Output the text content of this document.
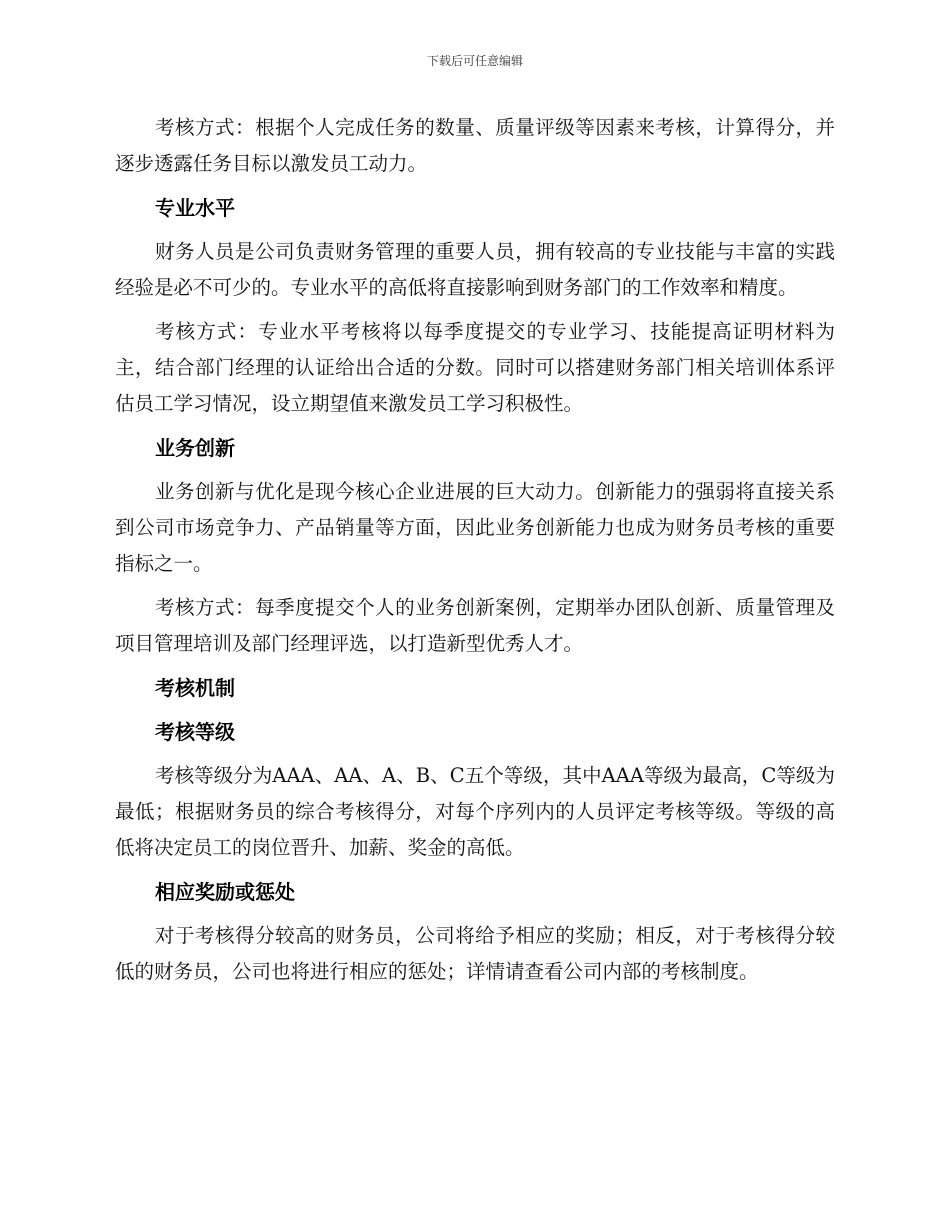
下载后可任意编辑

考核方式：根据个人完成任务的数量、质量评级等因素来考核，计算得分，并逐步透露任务目标以激发员工动力。

专业水平

财务人员是公司负责财务管理的重要人员，拥有较高的专业技能与丰富的实践经验是必不可少的。专业水平的高低将直接影响到财务部门的工作效率和精度。

考核方式：专业水平考核将以每季度提交的专业学习、技能提高证明材料为主，结合部门经理的认证给出合适的分数。同时可以搭建财务部门相关培训体系评估员工学习情况，设立期望值来激发员工学习积极性。

业务创新

业务创新与优化是现今核心企业进展的巨大动力。创新能力的强弱将直接关系到公司市场竞争力、产品销量等方面，因此业务创新能力也成为财务员考核的重要指标之一。

考核方式：每季度提交个人的业务创新案例，定期举办团队创新、质量管理及项目管理培训及部门经理评选，以打造新型优秀人才。

考核机制
考核等级

考核等级分为AAA、AA、A、B、C五个等级，其中AAA等级为最高，C等级为最低；根据财务员的综合考核得分，对每个序列内的人员评定考核等级。等级的高低将决定员工的岗位晋升、加薪、奖金的高低。

相应奖励或惩处

对于考核得分较高的财务员，公司将给予相应的奖励；相反，对于考核得分较低的财务员，公司也将进行相应的惩处；详情请查看公司内部的考核制度。
